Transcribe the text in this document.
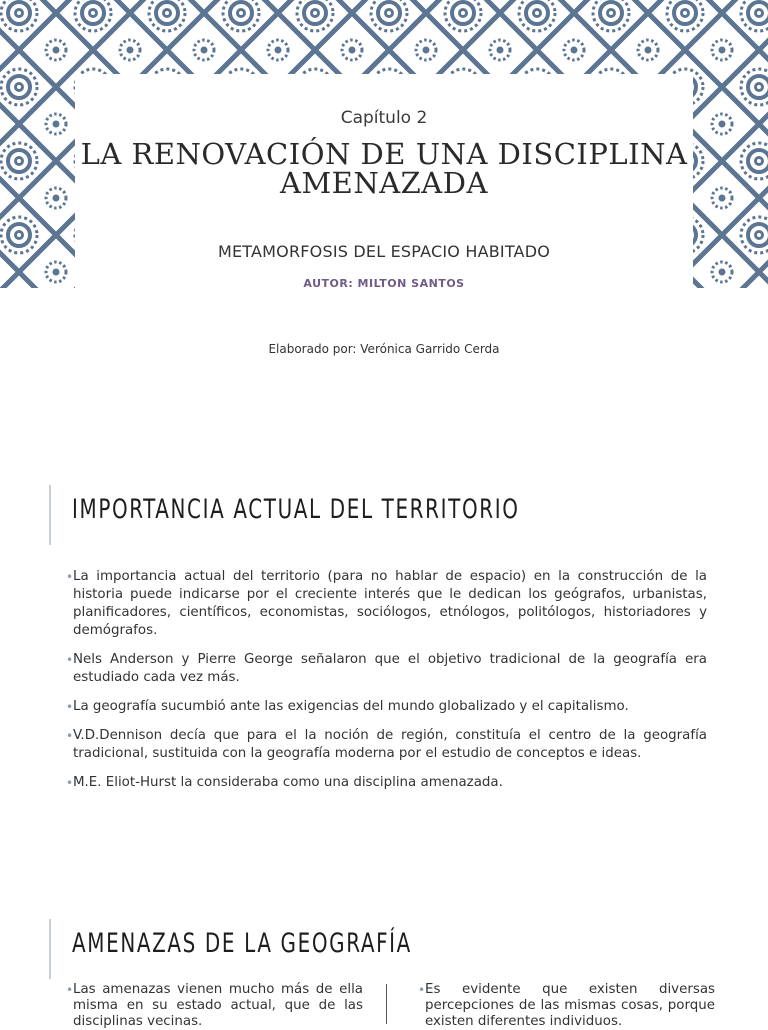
Capítulo 2
LA RENOVACIÓN DE UNA DISCIPLINA
AMENAZADA
METAMORFOSIS DEL ESPACIO HABITADO
AUTOR: MILTON SANTOS
Elaborado por: Verónica Garrido Cerda
IMPORTANCIA ACTUAL DEL TERRITORIO
• La importancia actual del territorio (para no hablar de espacio) en la construcción de la historia puede indicarse por el creciente interés que le dedican los geógrafos, urbanistas, planificadores, científicos, economistas, sociólogos, etnólogos, politólogos, historiadores y demógrafos.
• Nels Anderson y Pierre George señalaron que el objetivo tradicional de la geografía era estudiado cada vez más.
• La geografía sucumbió ante las exigencias del mundo globalizado y el capitalismo.
• V.D.Dennison decía que para el la noción de región, constituía el centro de la geografía tradicional, sustituida con la geografía moderna por el estudio de conceptos e ideas.
• M.E. Eliot-Hurst la consideraba como una disciplina amenazada.
AMENAZAS DE LA GEOGRAFÍA
• Las amenazas vienen mucho más de ella misma en su estado actual, que de las disciplinas vecinas.
• Es evidente que existen diversas percepciones de las mismas cosas, porque existen diferentes individuos.
